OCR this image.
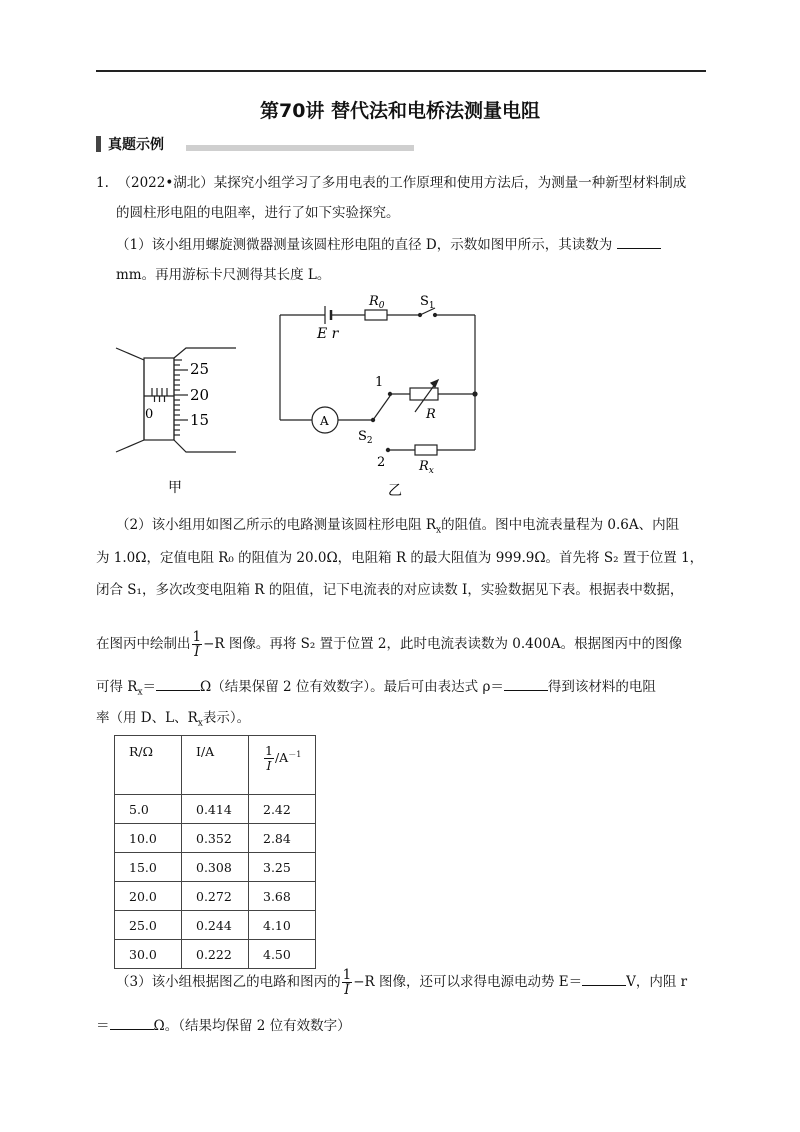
第70讲 替代法和电桥法测量电阻
真题示例
1. （2022•湖北）某探究小组学习了多用电表的工作原理和使用方法后，为测量一种新型材料制成
的圆柱形电阻的电阻率，进行了如下实验探究。
（1）该小组用螺旋测微器测量该圆柱形电阻的直径 D，示数如图甲所示，其读数为
mm。再用游标卡尺测得其长度 L。
25
20
15
0
甲
E r
$R_0$	$S_1$
A
1
$S_2$
R
2	$R_x$
乙
（2）该小组用如图乙所示的电路测量该圆柱形电阻 $R_x$的阻值。图中电流表量程为 0.6A、内阻
为 1.0Ω，定值电阻 R₀ 的阻值为 20.0Ω，电阻箱 R 的最大阻值为 999.9Ω。首先将 S₂ 置于位置 1，
闭合 S₁，多次改变电阻箱 R 的阻值，记下电流表的对应读数 I，实验数据见下表。根据表中数据，
在图丙中绘制出 $\frac{1}{I} -R$ 图像。再将 S₂ 置于位置 2，此时电流表读数为 0.400A。根据图丙中的图像
可得 $R_x=$	Ω（结果保留 2 位有效数字）。最后可由表达式 ρ＝	得到该材料的电阻
率（用 D、L、$R_x$表示）。
R/Ω	I/A	$\frac{1}{I} /A^{-1}$
5.0	0.414	2.42
10.0	0.352	2.84
15.0	0.308	3.25
20.0	0.272	3.68
25.0	0.244	4.10
30.0	0.222	4.50
（3）该小组根据图乙的电路和图丙的 $\frac{1}{I} -R$ 图像，还可以求得电源电动势 E＝	V，内阻 r
＝	Ω。（结果均保留 2 位有效数字）
